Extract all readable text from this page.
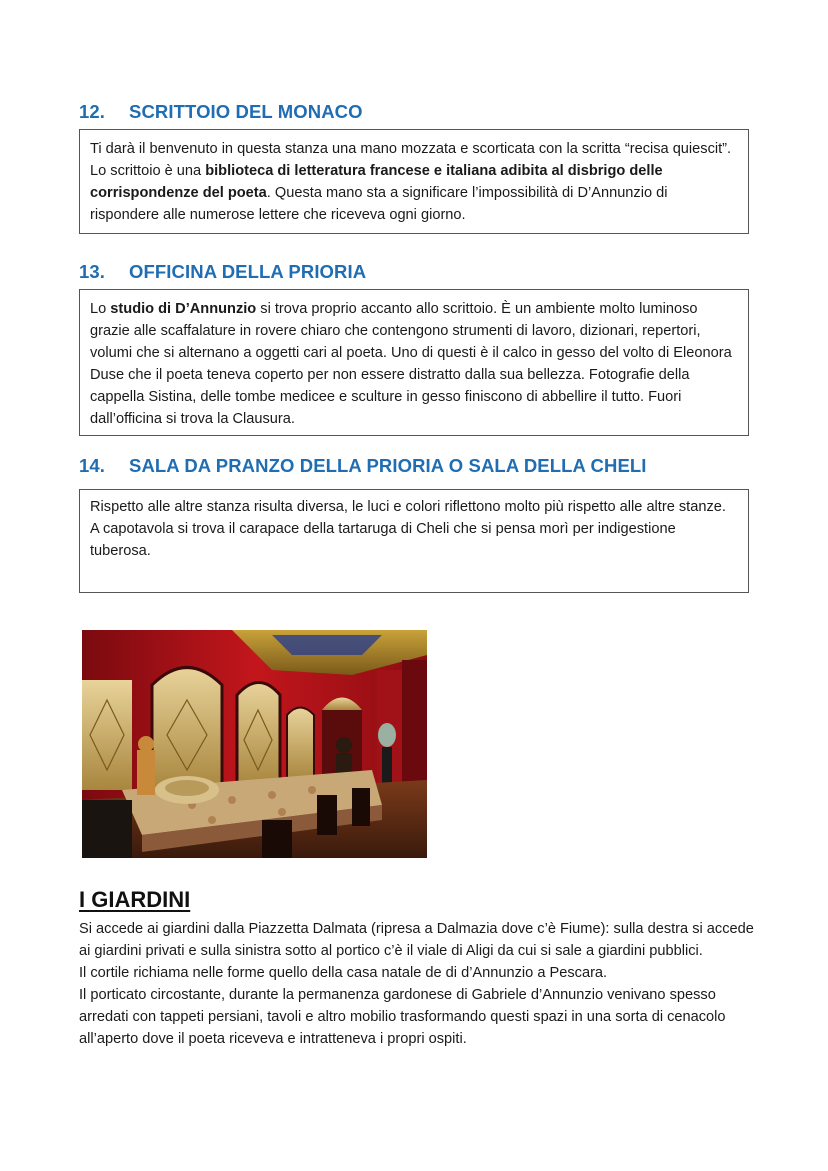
12. SCRITTOIO DEL MONACO
Ti darà il benvenuto in questa stanza una mano mozzata e scorticata con la scritta “recisa quiescit”. Lo scrittoio è una biblioteca di letteratura francese e italiana adibita al disbrigo delle corrispondenze del poeta. Questa mano sta a significare l’impossibilità di D’Annunzio di rispondere alle numerose lettere che riceveva ogni giorno.
13. OFFICINA DELLA PRIORIA
Lo studio di D’Annunzio si trova proprio accanto allo scrittoio. È un ambiente molto luminoso grazie alle scaffalature in rovere chiaro che contengono strumenti di lavoro, dizionari, repertori, volumi che si alternano a oggetti cari al poeta. Uno di questi è il calco in gesso del volto di Eleonora Duse che il poeta teneva coperto per non essere distratto dalla sua bellezza. Fotografie della cappella Sistina, delle tombe medicee e sculture in gesso finiscono di abbellire il tutto. Fuori dall’officina si trova la Clausura.
14. SALA DA PRANZO DELLA PRIORIA O SALA DELLA CHELI
Rispetto alle altre stanza risulta diversa, le luci e colori riflettono molto più rispetto alle altre stanze.
A capotavola si trova il carapace della tartaruga di Cheli che si pensa morì per indigestione tuberosa.
I GIARDINI

Si accede ai giardini dalla Piazzetta Dalmata (ripresa a Dalmazia dove c’è Fiume): sulla destra si accede ai giardini privati e sulla sinistra sotto al portico c’è il viale di Aligi da cui si sale a giardini pubblici.

Il cortile richiama nelle forme quello della casa natale de di d’Annunzio a Pescara.

Il porticato circostante, durante la permanenza gardonese di Gabriele d’Annunzio venivano spesso arredati con tappeti persiani, tavoli e altro mobilio trasformando questi spazi in una sorta di cenacolo all’aperto dove il poeta riceveva e intratteneva i propri ospiti.
